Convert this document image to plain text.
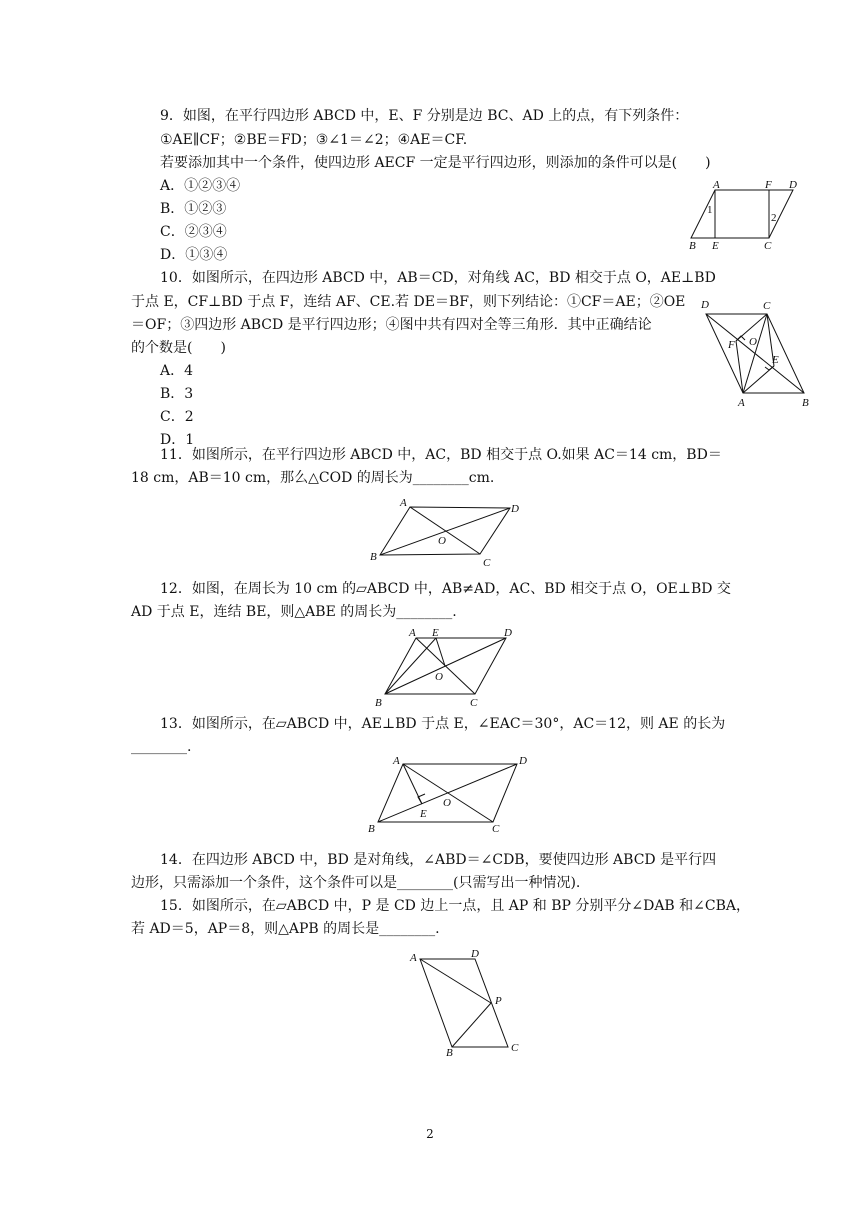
9．如图，在平行四边形 ABCD 中，E、F 分别是边 BC、AD 上的点，有下列条件：
①AE∥CF；②BE＝FD；③∠1＝∠2；④AE＝CF.
若要添加其中一个条件，使四边形 AECF 一定是平行四边形，则添加的条件可以是(　　)
A．①②③④
B．①②③
C．②③④
D．①③④
A	F D
1
2
B E	C
10．如图所示，在四边形 ABCD 中，AB＝CD，对角线 AC，BD 相交于点 O，AE⊥BD
于点 E，CF⊥BD 于点 F，连结 AF、CE.若 DE＝BF，则下列结论：①CF＝AE；②OE
＝OF；③四边形 ABCD 是平行四边形；④图中共有四对全等三角形．其中正确结论
的个数是(　　)
A．4
B．3
C．2
D．1
D	C
F O
E
A	B
11．如图所示，在平行四边形 ABCD 中，AC，BD 相交于点 O.如果 AC＝14 cm，BD＝
18 cm，AB＝10 cm，那么△COD 的周长为________cm.
A	D
O
B	C
12．如图，在周长为 10 cm 的▱ABCD 中，AB≠AD，AC、BD 相交于点 O，OE⊥BD 交
AD 于点 E，连结 BE，则△ABE 的周长为________.
A E	D
O
B	C
13．如图所示，在▱ABCD 中，AE⊥BD 于点 E，∠EAC＝30°，AC＝12，则 AE 的长为
________.
A	D
E
O
B	C
14．在四边形 ABCD 中，BD 是对角线，∠ABD＝∠CDB，要使四边形 ABCD 是平行四
边形，只需添加一个条件，这个条件可以是________(只需写出一种情况).
15．如图所示，在▱ABCD 中，P 是 CD 边上一点，且 AP 和 BP 分别平分∠DAB 和∠CBA，
若 AD＝5，AP＝8，则△APB 的周长是________.
A	D
P
B	C
2
